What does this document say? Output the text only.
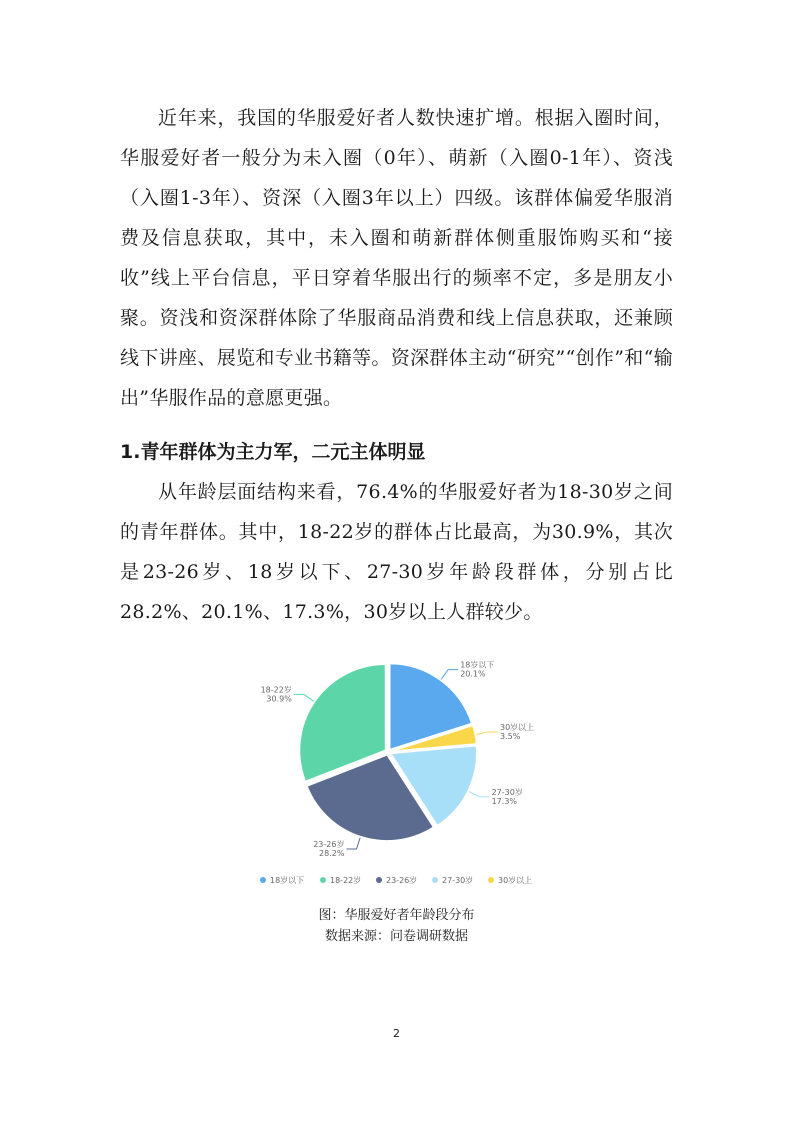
近年来，我国的华服爱好者人数快速扩增。根据入圈时间，华服爱好者一般分为未入圈（0年）、萌新（入圈0-1年）、资浅（入圈1-3年）、资深（入圈3年以上）四级。该群体偏爱华服消费及信息获取，其中，未入圈和萌新群体侧重服饰购买和“接收”线上平台信息，平日穿着华服出行的频率不定，多是朋友小聚。资浅和资深群体除了华服商品消费和线上信息获取，还兼顾线下讲座、展览和专业书籍等。资深群体主动“研究”“创作”和“输出”华服作品的意愿更强。

1.青年群体为主力军，二元主体明显

从年龄层面结构来看，76.4%的华服爱好者为18-30岁之间的青年群体。其中，18-22岁的群体占比最高，为30.9%，其次是23-26岁、18岁以下、27-30岁年龄段群体，分别占比28.2%、20.1%、17.3%，30岁以上人群较少。

18岁以下
20.1%
30岁以上
3.5%
27-30岁
17.3%
23-26岁
28.2%
18-22岁
30.9%
18岁以下	18-22岁	23-26岁	27-30岁	30岁以上

图：华服爱好者年龄段分布

数据来源：问卷调研数据

2
